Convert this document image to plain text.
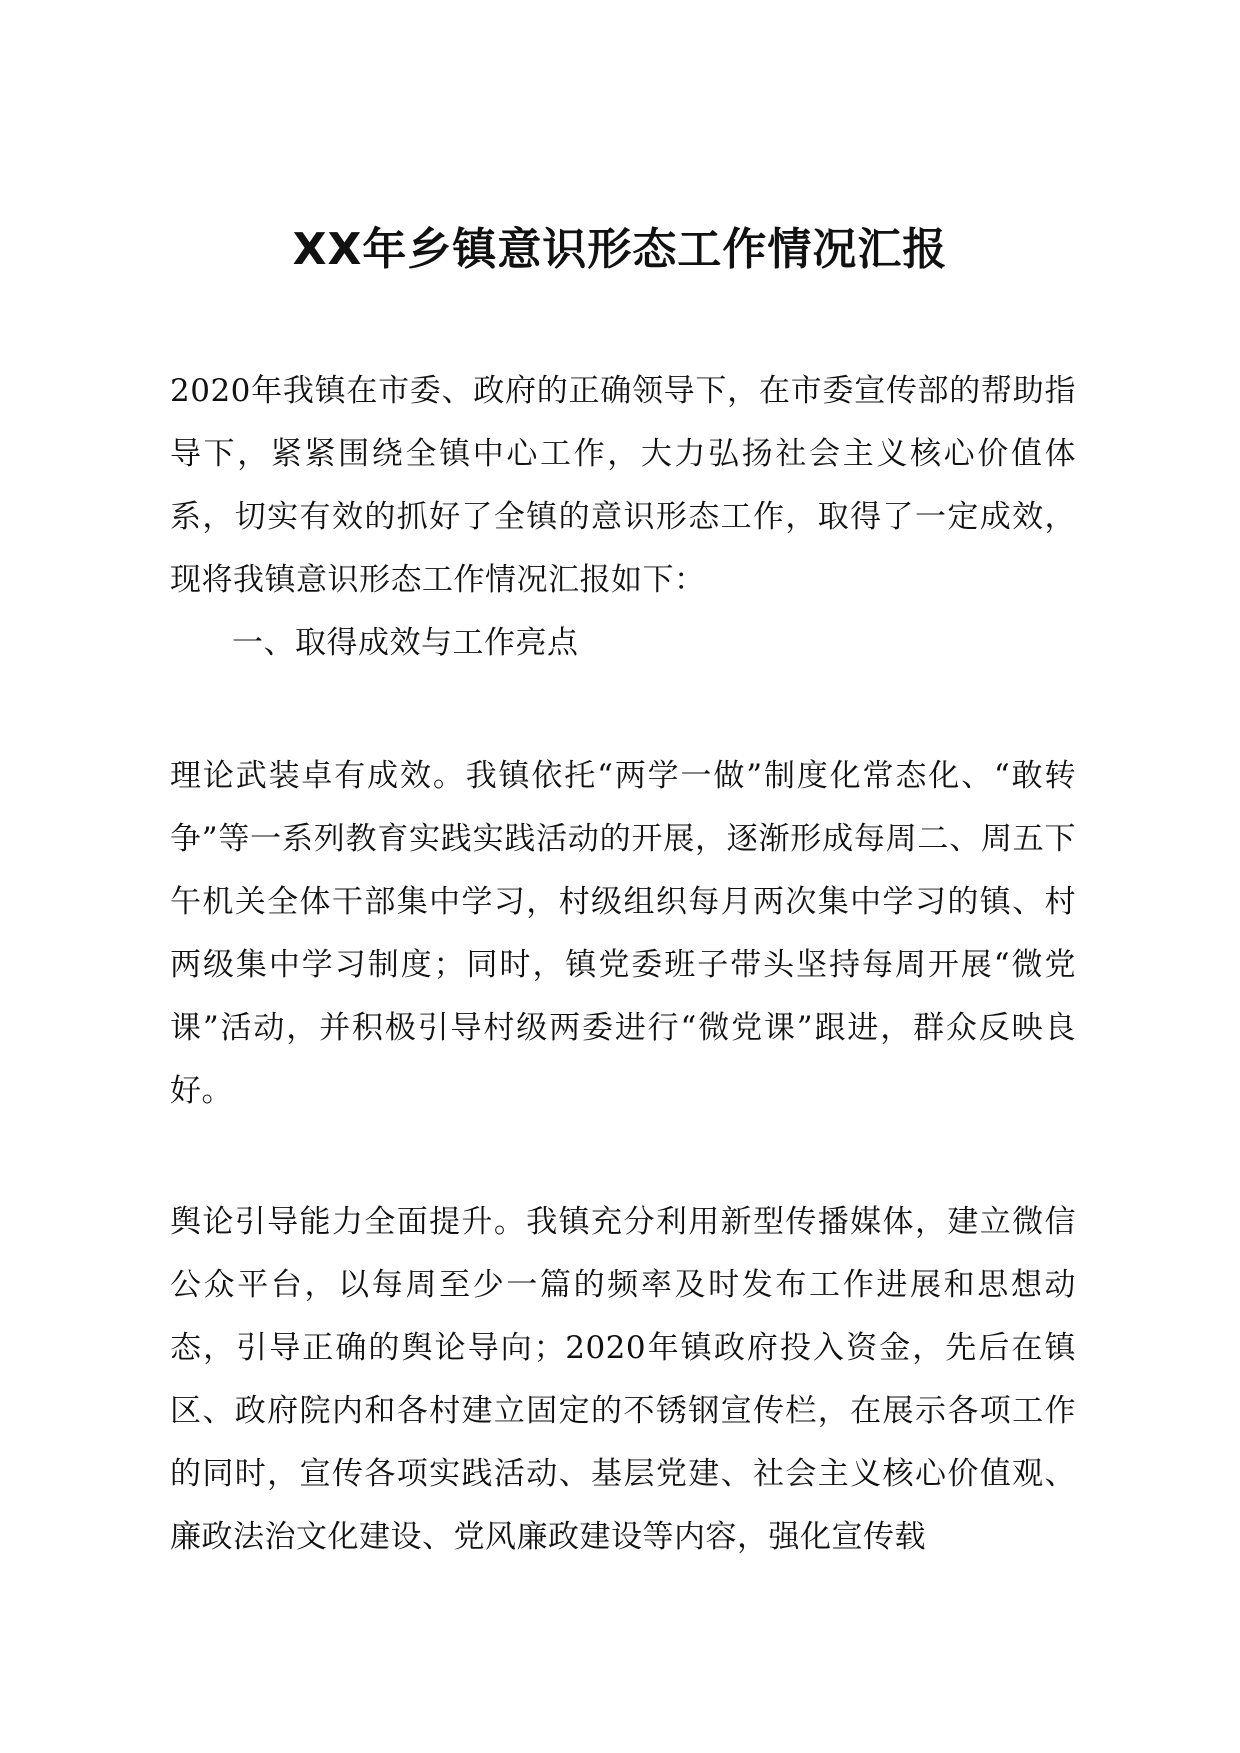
XX年乡镇意识形态工作情况汇报

2020年我镇在市委、政府的正确领导下，在市委宣传部的帮助指导下，紧紧围绕全镇中心工作，大力弘扬社会主义核心价值体系，切实有效的抓好了全镇的意识形态工作，取得了一定成效，现将我镇意识形态工作情况汇报如下：

一、取得成效与工作亮点

理论武装卓有成效。我镇依托“两学一做”制度化常态化、“敢转争”等一系列教育实践实践活动的开展，逐渐形成每周二、周五下午机关全体干部集中学习，村级组织每月两次集中学习的镇、村两级集中学习制度；同时，镇党委班子带头坚持每周开展“微党课”活动，并积极引导村级两委进行“微党课”跟进，群众反映良好。

舆论引导能力全面提升。我镇充分利用新型传播媒体，建立微信公众平台，以每周至少一篇的频率及时发布工作进展和思想动态，引导正确的舆论导向；2020年镇政府投入资金，先后在镇区、政府院内和各村建立固定的不锈钢宣传栏，在展示各项工作的同时，宣传各项实践活动、基层党建、社会主义核心价值观、廉政法治文化建设、党风廉政建设等内容，强化宣传载
